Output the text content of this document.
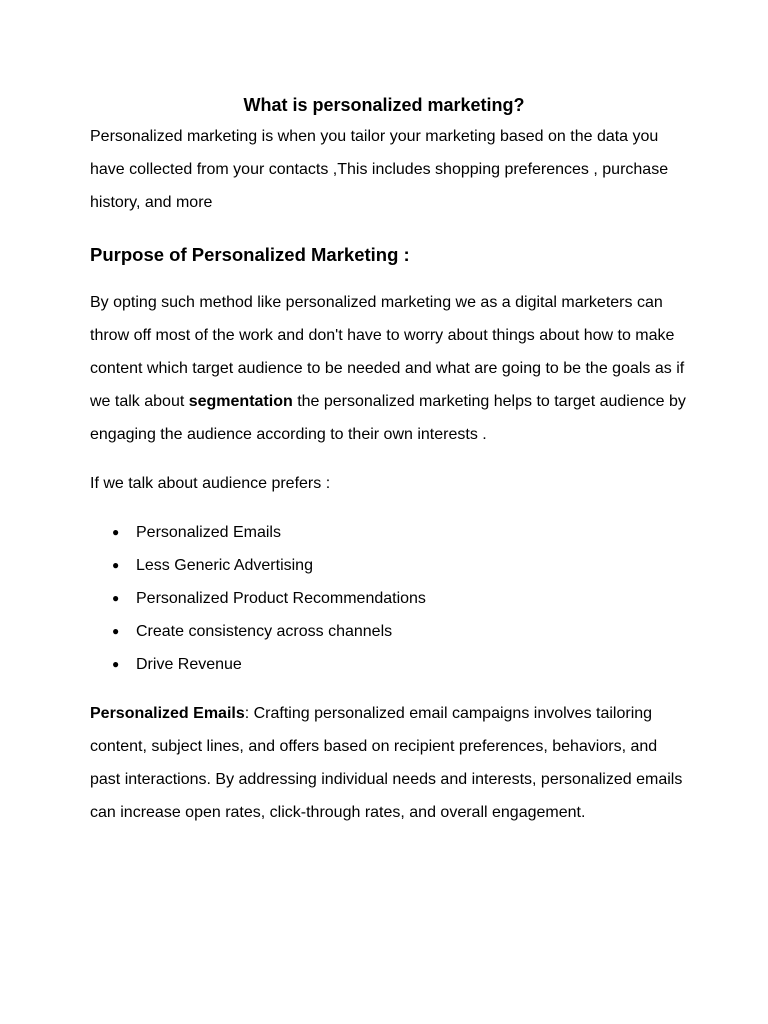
What is personalized marketing?

Personalized marketing is when you tailor your marketing based on the data you have collected from your contacts ,This includes shopping preferences , purchase history, and more

Purpose of Personalized Marketing :

By opting such method like personalized marketing we as a digital marketers can throw off most of the work and don't have to worry about things about how to make content which target audience to be needed and what are going to be the goals as if we talk about segmentation the personalized marketing helps to target audience by engaging the audience according to their own interests .

If we talk about audience prefers :

● Personalized Emails
● Less Generic Advertising
● Personalized Product Recommendations
● Create consistency across channels
● Drive Revenue

Personalized Emails: Crafting personalized email campaigns involves tailoring content, subject lines, and offers based on recipient preferences, behaviors, and past interactions. By addressing individual needs and interests, personalized emails can increase open rates, click-through rates, and overall engagement.
